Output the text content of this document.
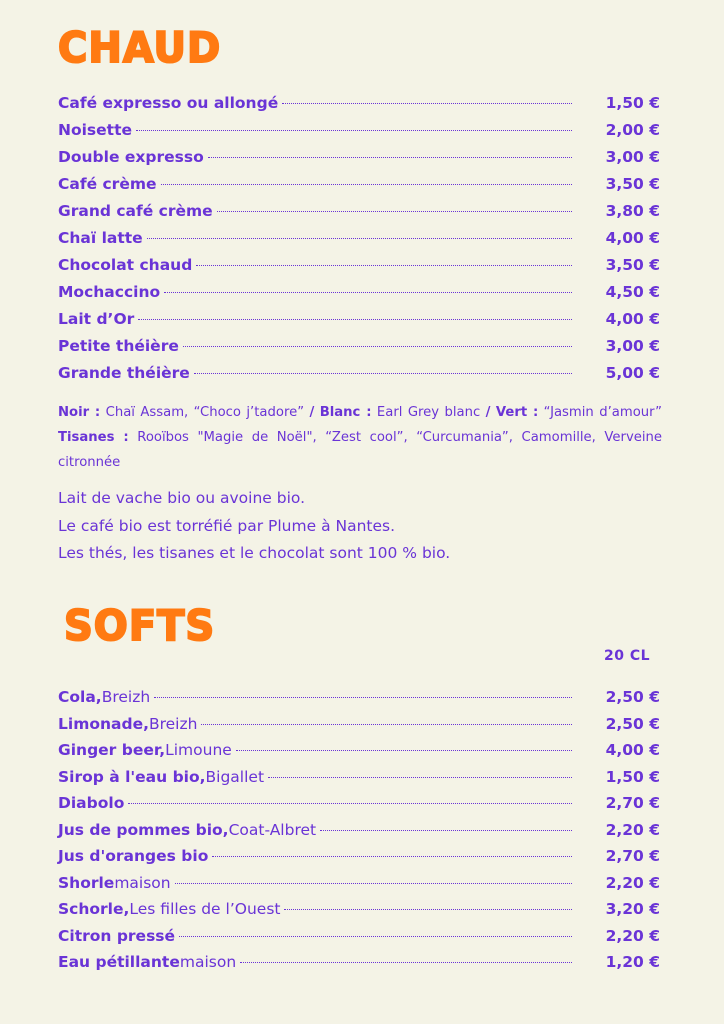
CHAUD
Café expresso ou allongé	1,50 €
Noisette	2,00 €
Double expresso	3,00 €
Café crème	3,50 €
Grand café crème	3,80 €
Chaï latte	4,00 €
Chocolat chaud	3,50 €
Mochaccino	4,50 €
Lait d’Or	4,00 €
Petite théière	3,00 €
Grande théière	5,00 €
Noir : Chaï Assam, “Choco j’tadore” / Blanc : Earl Grey blanc / Vert : “Jasmin d’amour” Tisanes : Rooïbos "Magie de Noël", “Zest cool”, “Curcumania”, Camomille, Verveine citronnée
Lait de vache bio ou avoine bio.
Le café bio est torréfié par Plume à Nantes.
Les thés, les tisanes et le chocolat sont 100 % bio.
SOFTS
20 CL
Cola, Breizh	2,50 €
Limonade, Breizh	2,50 €
Ginger beer, Limoune	4,00 €
Sirop à l'eau bio, Bigallet	1,50 €
Diabolo	2,70 €
Jus de pommes bio, Coat-Albret	2,20 €
Jus d'oranges bio	2,70 €
Shorle maison	2,20 €
Schorle, Les filles de l’Ouest	3,20 €
Citron pressé	2,20 €
Eau pétillante maison	1,20 €
